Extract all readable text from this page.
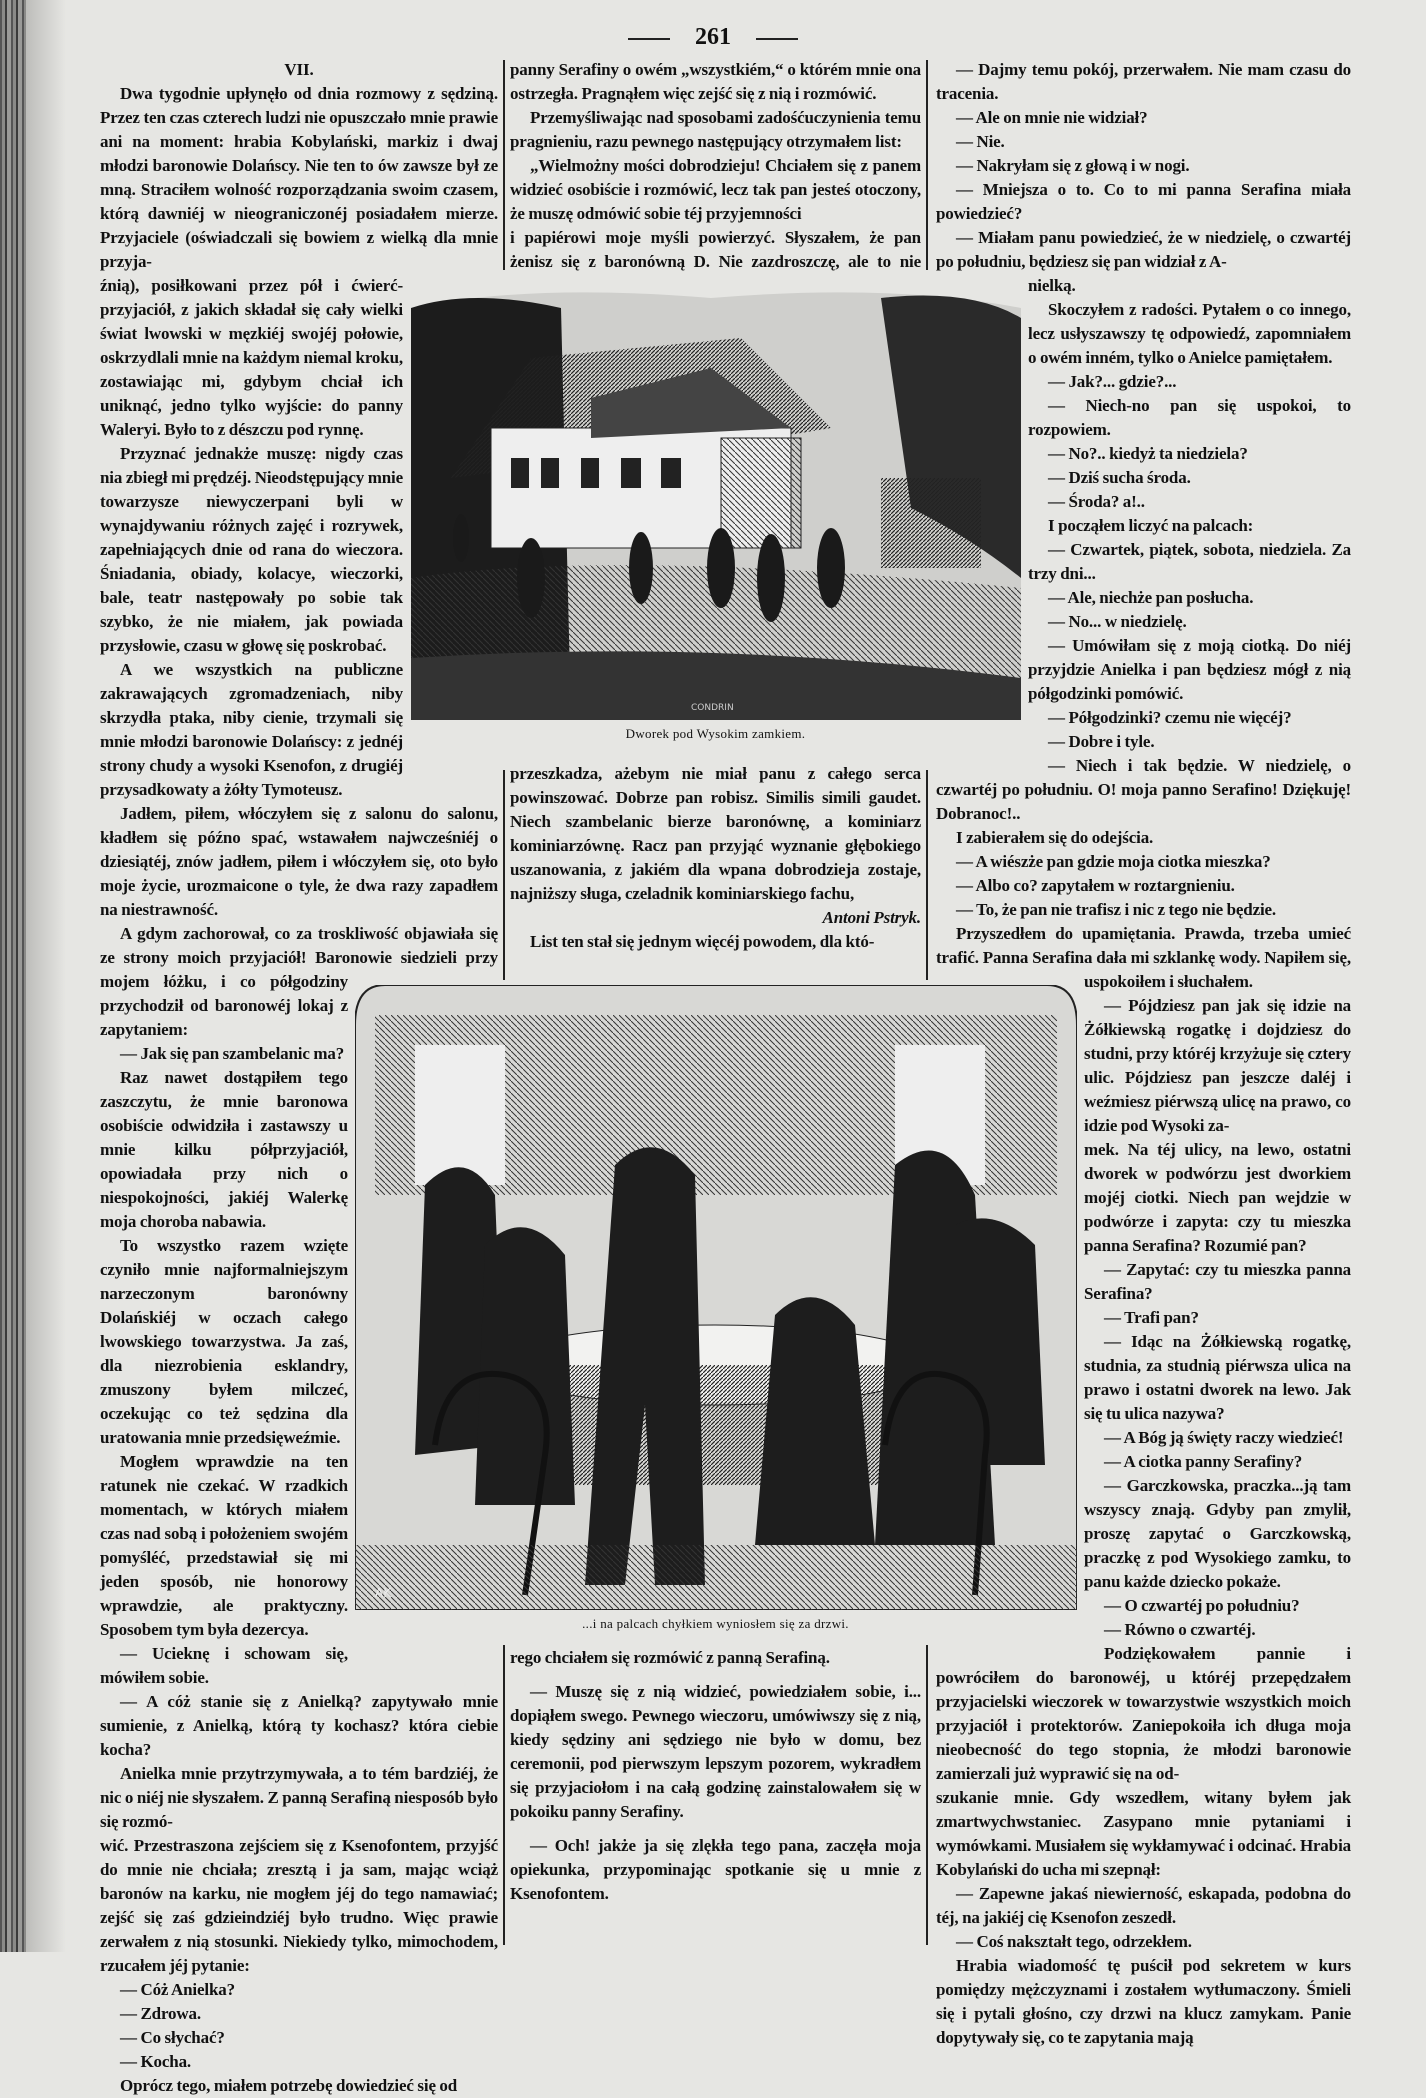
261

VII.

Dwa tygodnie upłynęło od dnia rozmowy z sędziną. Przez ten czas czterech ludzi nie opuszczało mnie prawie ani na moment: hrabia Kobylański, markiz i dwaj młodzi baronowie Dolańscy. Nie ten to ów zawsze był ze mną. Straciłem wolność rozporządzania swoim czasem, którą dawniéj w nieograniczonéj posiadałem mierze. Przyjaciele (oświadczali się bowiem z wielką dla mnie przyja-

źnią), posiłkowani przez pół i ćwierć-przyjaciół, z jakich składał się cały wielki świat lwowski w męzkiéj swojéj połowie, oskrzydlali mnie na każdym niemal kroku, zostawiając mi, gdybym chciał ich uniknąć, jedno tylko wyjście: do panny Waleryi. Było to z dészczu pod rynnę.

Przyznać jednakże muszę: nigdy czas nia zbiegł mi prędzéj. Nieodstępujący mnie towarzysze niewyczerpani byli w wynajdywaniu różnych zajęć i rozrywek, zapełniających dnie od rana do wieczora. Śniadania, obiady, kolacye, wieczorki, bale, teatr następowały po sobie tak szybko, że nie miałem, jak powiada przysłowie, czasu w głowę się poskrobać.

A we wszystkich na publiczne zakrawających zgromadzeniach, niby skrzydła ptaka, niby cienie, trzymali się mnie młodzi baronowie Dolańscy: z jednéj strony chudy a wysoki Ksenofon, z drugiéj przysadkowaty a żółty Tymoteusz.

Jadłem, piłem, włóczyłem się z salonu do salonu, kładłem się późno spać, wstawałem najwcześniéj o dziesiątéj, znów jadłem, piłem i włóczyłem się, oto było moje życie, urozmaicone o tyle, że dwa razy zapadłem na niestrawność.

A gdym zachorował, co za troskliwość objawiała się ze strony moich przyjaciół! Baronowie siedzieli przy mojem łóżku, i co półgodziny przychodził od baronowéj lokaj z zapytaniem:

— Jak się pan szambelanic ma?

Raz nawet dostąpiłem tego zaszczytu, że mnie baronowa osobiście odwidziła i zastawszy u mnie kilku półprzyjaciół, opowiadała przy nich o niespokojności, jakiéj Walerkę moja choroba nabawia.

To wszystko razem wzięte czyniło mnie najformalniejszym narzeczonym baronówny Dolańskiéj w oczach całego lwowskiego towarzystwa. Ja zaś, dla niezrobienia esklandry, zmuszony byłem milczeć, oczekując co też sędzina dla uratowania mnie przedsięweźmie.

Mogłem wprawdzie na ten ratunek nie czekać. W rzadkich momentach, w których miałem czas nad sobą i położeniem swojém pomyśléć, przedstawiał się mi jeden sposób, nie honorowy wprawdzie, ale praktyczny. Sposobem tym była dezercya.

— Ucieknę i schowam się, mówiłem sobie.

— A cóż stanie się z Anielką? zapytywało mnie sumienie, z Anielką, którą ty kochasz? która ciebie kocha?

Anielka mnie przytrzymywała, a to tém bardziéj, że nic o niéj nie słyszałem. Z panną Serafiną niesposób było się rozmó-

wić. Przestraszona zejściem się z Ksenofontem, przyjść do mnie nie chciała; zresztą i ja sam, mając wciąż baronów na karku, nie mogłem jéj do tego namawiać; zejść się zaś gdzieindziéj było trudno. Więc prawie zerwałem z nią stosunki. Niekiedy tylko, mimochodem, rzucałem jéj pytanie:

— Cóż Anielka?

— Zdrowa.

— Co słychać?

— Kocha.

Oprócz tego, miałem potrzebę dowiedzieć się od

panny Serafiny o owém „wszystkiém,“ o którém mnie ona ostrzegła. Pragnąłem więc zejść się z nią i rozmówić.

Przemyśliwając nad sposobami zadośćuczynienia temu pragnieniu, razu pewnego następujący otrzymałem list:

„Wielmożny mości dobrodzieju! Chciałem się z panem widzieć osobiście i rozmówić, lecz tak pan jesteś otoczony, że muszę odmówić sobie téj przyjemności

i papiérowi moje myśli powierzyć. Słyszałem, że pan żenisz się z baronówną D. Nie zazdroszczę, ale to nie przeszkadza, ażebym nie miał panu z całego serca powinszować. Dobrze pan robisz. Similis simili gaudet. Niech szambelanic bierze baronównę, a kominiarz kominiarzównę. Racz pan przyjąć wyznanie głębokiego uszanowania, z jakiém dla wpana dobrodzieja zostaje, najniższy sługa, czeladnik kominiarskiego fachu,

Antoni Pstryk.

List ten stał się jednym więcéj powodem, dla któ-

rego chciałem się rozmówić z panną Serafiną.

— Muszę się z nią widzieć, powiedziałem sobie, i... dopiąłem swego. Pewnego wieczoru, umówiwszy się z nią, kiedy sędziny ani sędziego nie było w domu, bez ceremonii, pod pierwszym lepszym pozorem, wykradłem się przyjaciołom i na całą godzinę zainstalowałem się w pokoiku panny Serafiny.

— Och! jakże ja się zlękła tego pana, zaczęła moja opiekunka, przypominając spotkanie się u mnie z Ksenofontem.

— Dajmy temu pokój, przerwałem. Nie mam czasu do tracenia.

— Ale on mnie nie widział?

— Nie.

— Nakryłam się z głową i w nogi.

— Mniejsza o to. Co to mi panna Serafina miała powiedzieć?

— Miałam panu powiedzieć, że w niedzielę, o czwartéj po południu, będziesz się pan widział z A-

nielką.

Skoczyłem z radości. Pytałem o co innego, lecz usłyszawszy tę odpowiedź, zapomniałem o owém inném, tylko o Anielce pamiętałem.

— Jak?... gdzie?...

— Niech-no pan się uspokoi, to rozpowiem.

— No?.. kiedyż ta niedziela?

— Dziś sucha środa.

— Środa? a!..

I począłem liczyć na palcach:

— Czwartek, piątek, sobota, niedziela. Za trzy dni...

— Ale, niechże pan posłucha.

— No... w niedzielę.

— Umówiłam się z moją ciotką. Do niéj przyjdzie Anielka i pan będziesz mógł z nią półgodzinki pomówić.

— Półgodzinki? czemu nie więcéj?

— Dobre i tyle.

— Niech i tak będzie. W niedzielę, o czwartéj po południu. O! moja panno Serafino! Dziękuję! Dobranoc!..

I zabierałem się do odejścia.

— A wiészże pan gdzie moja ciotka mieszka?

— Albo co? zapytałem w roztargnieniu.

— To, że pan nie trafisz i nic z tego nie będzie.

Przyszedłem do upamiętania. Prawda, trzeba umieć trafić. Panna Serafina dała mi szklankę wody. Napiłem się, uspokoiłem i słuchałem.

— Pójdziesz pan jak się idzie na Żółkiewską rogatkę i dojdziesz do studni, przy któréj krzyżuje się cztery ulic. Pójdziesz pan jeszcze daléj i weźmiesz piérwszą ulicę na prawo, co idzie pod Wysoki za-

mek. Na téj ulicy, na lewo, ostatni dworek w podwórzu jest dworkiem mojéj ciotki. Niech pan wejdzie w podwórze i zapyta: czy tu mieszka panna Serafina? Rozumié pan?

— Zapytać: czy tu mieszka panna Serafina?

— Trafi pan?

— Idąc na Żółkiewską rogatkę, studnia, za studnią piérwsza ulica na prawo i ostatni dworek na lewo. Jak się tu ulica nazywa?

— A Bóg ją święty raczy wiedzieć!

— A ciotka panny Serafiny?

— Garczkowska, praczka...ją tam wszyscy znają. Gdyby pan zmylił, proszę zapytać o Garczkowską, praczkę z pod Wysokiego zamku, to panu każde dziecko pokaże.

— O czwartéj po południu?

— Równo o czwartéj.

Podziękowałem pannie i powróciłem do baronowéj, u któréj przepędzałem przyjacielski wieczorek w towarzystwie wszystkich moich przyjaciół i protektorów. Zaniepokoiła ich długa moja nieobecność do tego stopnia, że młodzi baronowie zamierzali już wyprawić się na od-

szukanie mnie. Gdy wszedłem, witany byłem jak zmartwychwstaniec. Zasypano mnie pytaniami i wymówkami. Musiałem się wykłamywać i odcinać. Hrabia Kobylański do ucha mi szepnął:

— Zapewne jakaś niewierność, eskapada, podobna do téj, na jakiéj cię Ksenofon zeszedł.

— Coś nakształt tego, odrzekłem.

Hrabia wiadomość tę puścił pod sekretem w kurs pomiędzy mężczyznami i zostałem wytłumaczony. Śmieli się i pytali głośno, czy drzwi na klucz zamykam. Panie dopytywały się, co te zapytania mają

CONDRIN
Dworek pod Wysokim zamkiem.
AK
...i na palcach chyłkiem wyniosłem się za drzwi.
